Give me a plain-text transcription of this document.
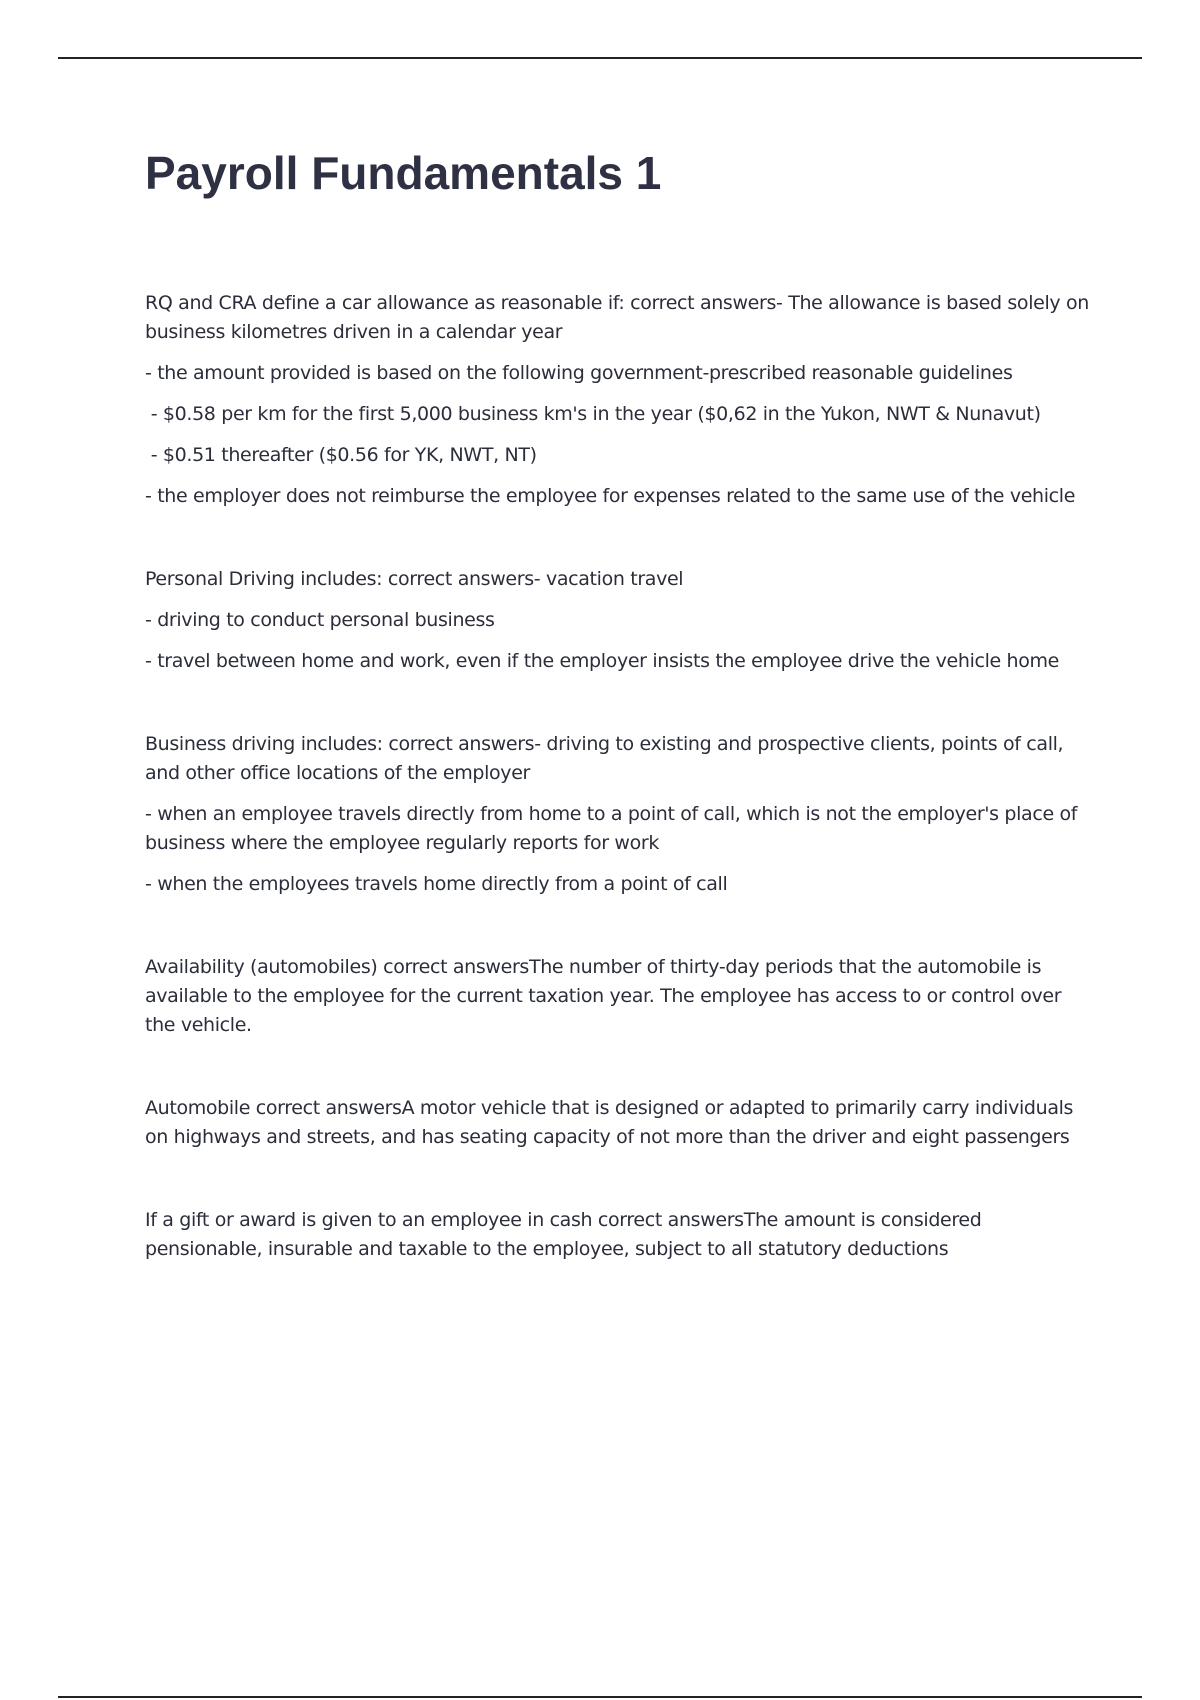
Payroll Fundamentals 1

RQ and CRA define a car allowance as reasonable if: correct answers- The allowance is based solely on business kilometres driven in a calendar year

- the amount provided is based on the following government-prescribed reasonable guidelines

- $0.58 per km for the first 5,000 business km's in the year ($0,62 in the Yukon, NWT & Nunavut)

- $0.51 thereafter ($0.56 for YK, NWT, NT)

- the employer does not reimburse the employee for expenses related to the same use of the vehicle

Personal Driving includes: correct answers- vacation travel

- driving to conduct personal business

- travel between home and work, even if the employer insists the employee drive the vehicle home

Business driving includes: correct answers- driving to existing and prospective clients, points of call, and other office locations of the employer

- when an employee travels directly from home to a point of call, which is not the employer's place of business where the employee regularly reports for work

- when the employees travels home directly from a point of call

Availability (automobiles) correct answersThe number of thirty-day periods that the automobile is available to the employee for the current taxation year. The employee has access to or control over the vehicle.

Automobile correct answersA motor vehicle that is designed or adapted to primarily carry individuals on highways and streets, and has seating capacity of not more than the driver and eight passengers

If a gift or award is given to an employee in cash correct answersThe amount is considered pensionable, insurable and taxable to the employee, subject to all statutory deductions
